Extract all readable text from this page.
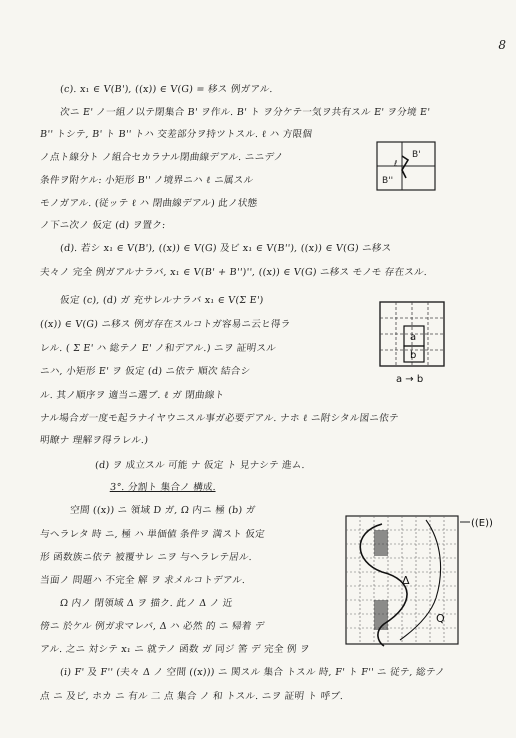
8
(c). x₁ ∈ V(B'), ((x)) ∈ V(G) = 移ス 例ガアル.
次ニ E' ノ一組ノ以テ閉集合 B' ヲ作ル. B' ト ヲ分ケテ一気ヲ共有スル E' ヲ分境 E'
B'' トシテ, B' ト B'' トハ 交差部分ヲ持ツトスル. ℓ ハ 方限個
ノ点ト線分ト ノ組合セカラナル閉曲線デアル. ニニデノ
条件ヲ附ケル: 小矩形 B'' ノ境界ニハ ℓ ニ属スル
モノガアル. (従ッテ ℓ ハ 閉曲線デアル) 此ノ状態
ノ下ニ次ノ 仮定 (d) ヲ置ク:
(d). 若シ x₁ ∈ V(B'), ((x)) ∈ V(G) 及ビ x₁ ∈ V(B''), ((x)) ∈ V(G) ニ移ス
夫々ノ 完全 例ガアルナラバ, x₁ ∈ V(B' + B'')'', ((x)) ∈ V(G) ニ移ス モノモ 存在スル.
仮定 (c), (d) ガ 充サレルナラバ x₁ ∈ V(Σ E')
((x)) ∈ V(G) ニ移ス 例ガ存在スルコトガ容易ニ云ヒ得ラ
レル. ( Σ E' ハ 総テノ E' ノ和デアル.) ニヲ 証明スル
ニハ, 小矩形 E' ヲ 仮定 (d) ニ依テ 順次 結合シ
ル. 其ノ順序ヲ 適当ニ選ブ. ℓ ガ 閉曲線ト
ナル場合ガ一度モ起ラナイヤウニスル事ガ必要デアル. ナホ ℓ ニ附シタル図ニ依テ
明瞭ナ 理解ヲ得ラレル.)
(d) ヲ 成立スル 可能 ナ 仮定 ト 見ナシテ 進ム.
3°. 分割ト 集合ノ 構成.
空間 ((x)) ニ 領域 D ガ, Ω 内ニ 極 (b) ガ
与ヘラレタ 時 ニ, 極 ハ 単価値 条件ヲ 満スト 仮定
形 函数族ニ依テ 被覆サレ ニヲ 与ヘラレテ居ル.
当面ノ 問題ハ 不完全 解 ヲ 求メルコトデアル.
Ω 内ノ 閉領域 Δ ヲ 描ク. 此ノ Δ ノ 近
傍ニ 於ケル 例ガ求マレバ, Δ ハ 必然 的 ニ 帰着 デ
アル. 之ニ 対シテ x₁ ニ 就テノ 函数 ガ 同ジ 筈 デ 完全 例 ヲ
(i) F' 及 F'' (夫々 Δ ノ 空間 ((x))) ニ 関スル 集合 トスル 時, F' ト F'' ニ 従テ, 総テノ
点 ニ 及ビ, ホカ ニ 有ル 二 点 集合 ノ 和 トスル. ニヲ 証明 ト 呼ブ.
B'
ℓ
B''
a
b
a → b
Δ
Q
((E))
